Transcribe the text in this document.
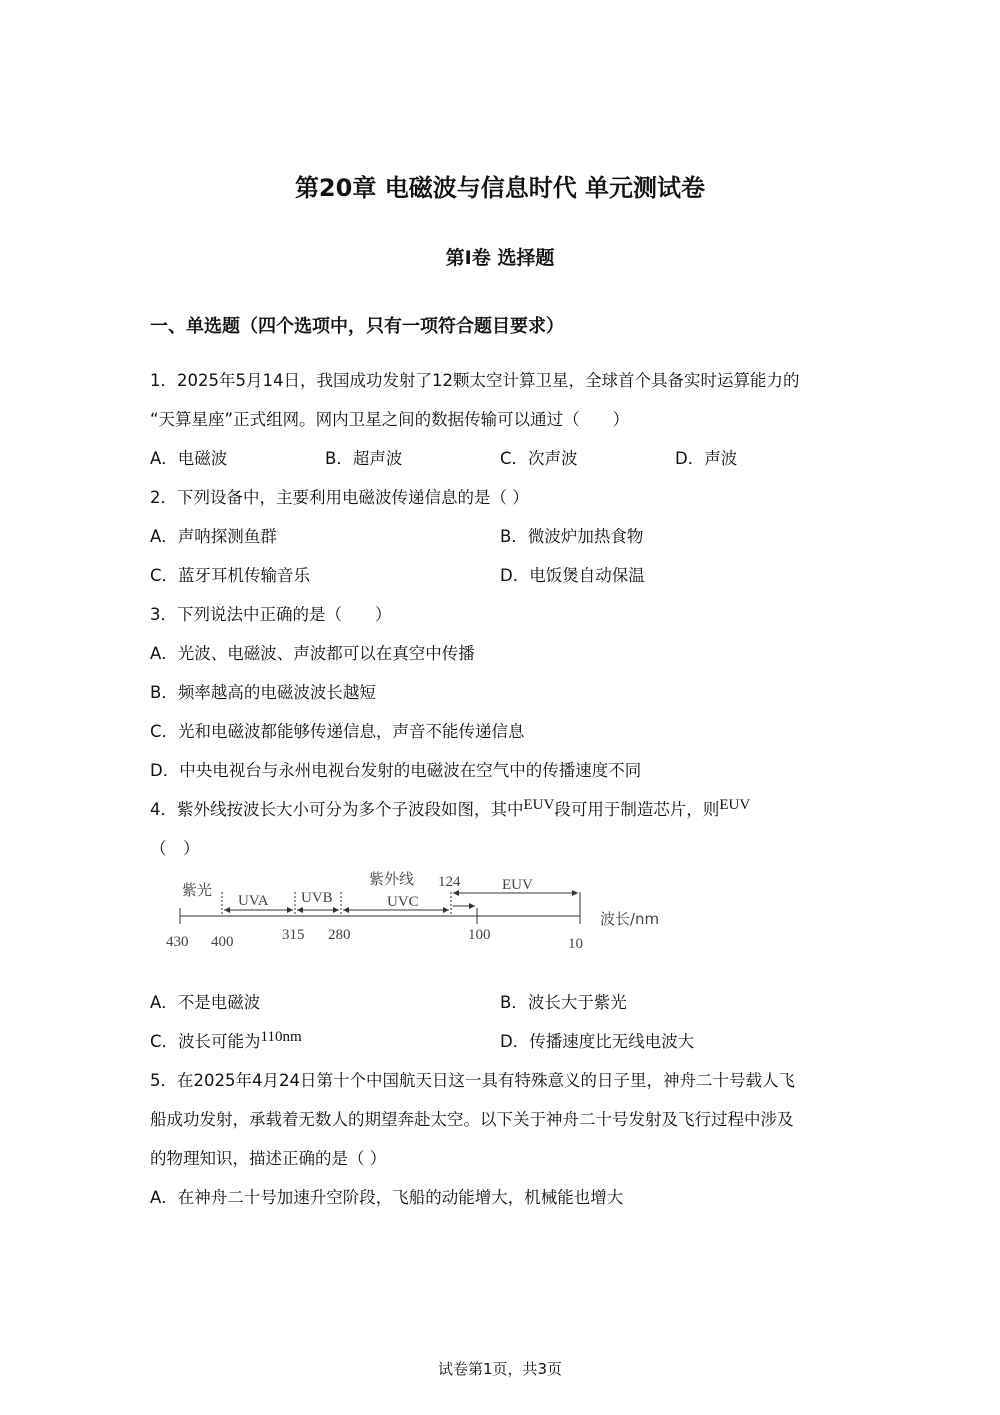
第20章 电磁波与信息时代 单元测试卷
第Ⅰ卷 选择题
一、单选题（四个选项中，只有一项符合题目要求）
1．2025年5月14日，我国成功发射了12颗太空计算卫星，全球首个具备实时运算能力的
“天算星座”正式组网。网内卫星之间的数据传输可以通过（　　）
A．电磁波	B．超声波	C．次声波	D．声波
2．下列设备中，主要利用电磁波传递信息的是（ ）
A．声呐探测鱼群	B．微波炉加热食物
C．蓝牙耳机传输音乐	D．电饭煲自动保温
3．下列说法中正确的是（　　）
A．光波、电磁波、声波都可以在真空中传播
B．频率越高的电磁波波长越短
C．光和电磁波都能够传递信息，声音不能传递信息
D．中央电视台与永州电视台发射的电磁波在空气中的传播速度不同
4．紫外线按波长大小可分为多个子波段如图，其中EUV段可用于制造芯片，则EUV
（　）
紫光
UVA UVB
紫外线
UVC
124	EUV
波长/nm
430 400	315 280	100
10
A．不是电磁波	B．波长大于紫光
C．波长可能为110nm	D．传播速度比无线电波大
5．在2025年4月24日第十个中国航天日这一具有特殊意义的日子里，神舟二十号载人飞
船成功发射，承载着无数人的期望奔赴太空。以下关于神舟二十号发射及飞行过程中涉及
的物理知识，描述正确的是（ ）
A．在神舟二十号加速升空阶段，飞船的动能增大，机械能也增大
试卷第1页，共3页
